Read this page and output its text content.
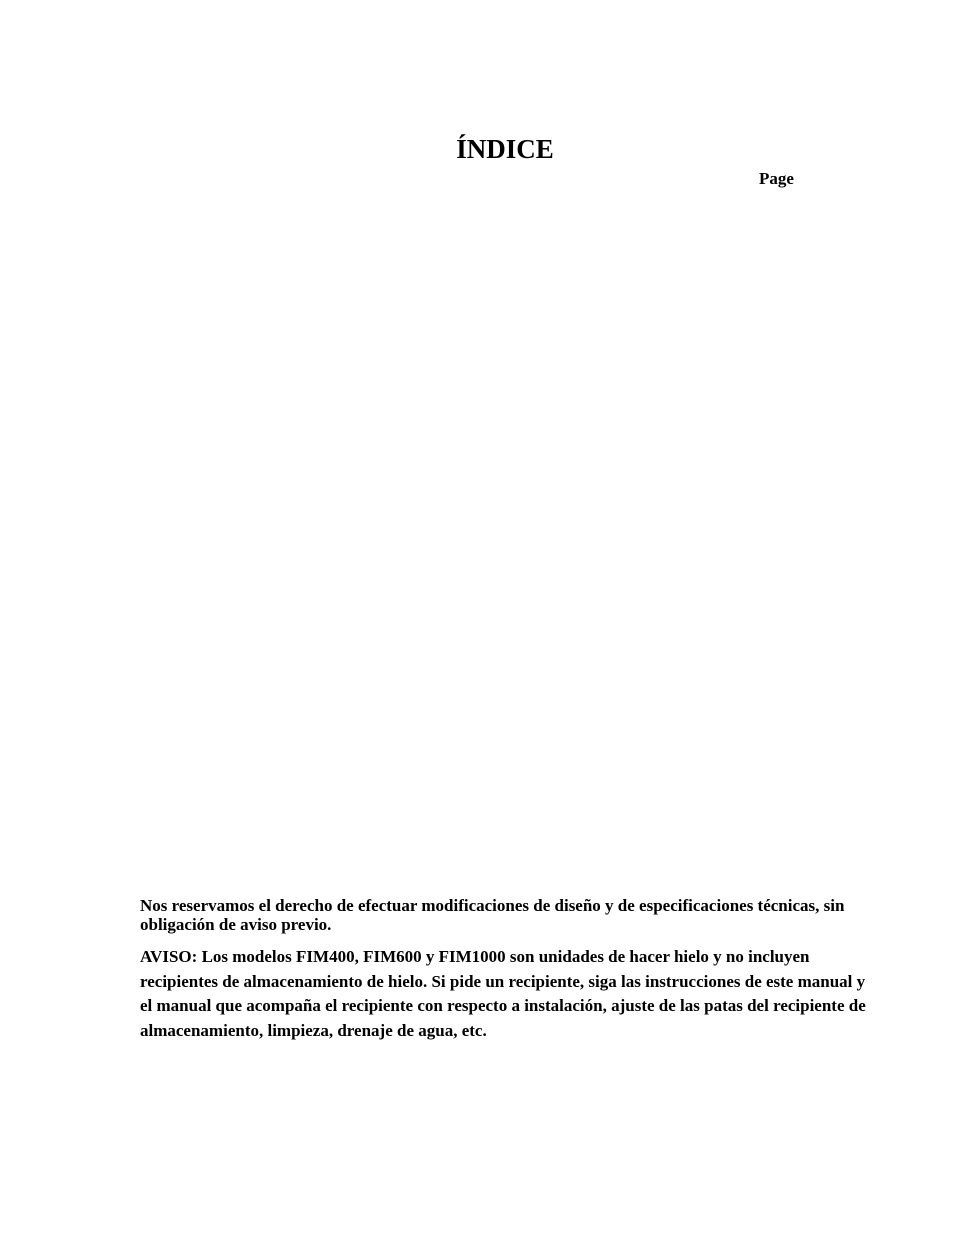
ÍNDICE
Page

Nos reservamos el derecho de efectuar modificaciones de diseño y de especificaciones técnicas, sin obligación de aviso previo.

AVISO: Los modelos FIM400, FIM600 y FIM1000 son unidades de hacer hielo y no incluyen recipientes de almacenamiento de hielo. Si pide un recipiente, siga las instrucciones de este manual y el manual que acompaña el recipiente con respecto a instalación, ajuste de las patas del recipiente de almacenamiento, limpieza, drenaje de agua, etc.
